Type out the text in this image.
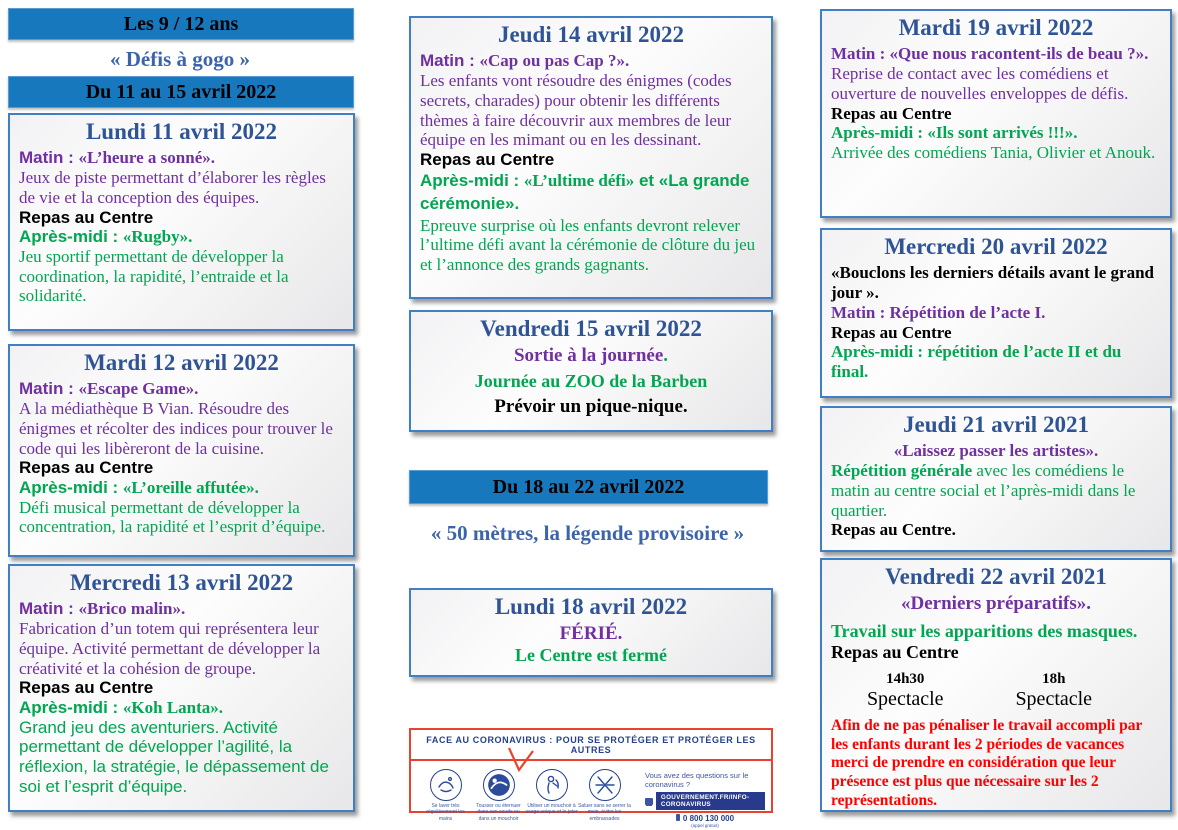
Les 9 / 12 ans
« Défis à gogo »
Du 11 au 15 avril 2022
Lundi 11 avril 2022
Matin : «L’heure a sonné».
Jeux de piste permettant d’élaborer les règles de vie et la conception des équipes.
Repas au Centre
Après-midi : «Rugby».
Jeu sportif permettant de développer la coordination, la rapidité, l’entraide et la solidarité.
Mardi 12 avril 2022
Matin : «Escape Game».
A la médiathèque B Vian. Résoudre des énigmes et récolter des indices pour trouver le code qui les libèreront de la cuisine.
Repas au Centre
Après-midi : «L’oreille affutée».
Défi musical permettant de développer la concentration, la rapidité et l’esprit d’équipe.
Mercredi 13 avril 2022
Matin : «Brico malin».
Fabrication d’un totem qui représentera leur équipe. Activité permettant de développer la créativité et la cohésion de groupe.
Repas au Centre
Après-midi : «Koh Lanta».
Grand jeu des aventuriers. Activité permettant de développer l’agilité, la réflexion, la stratégie, le dépassement de soi et l’esprit d’équipe.
Jeudi 14 avril 2022
Matin : «Cap ou pas Cap ?».
Les enfants vont résoudre des énigmes (codes secrets, charades) pour obtenir les différents thèmes à faire découvrir aux membres de leur équipe en les mimant ou en les dessinant.
Repas au Centre
Après-midi : «L’ultime défi» et «La grande cérémonie».
Epreuve surprise où les enfants devront relever l’ultime défi avant la cérémonie de clôture du jeu et l’annonce des grands gagnants.
Vendredi 15 avril 2022
Sortie à la journée.
Journée au ZOO de la Barben
Prévoir un pique-nique.
Du 18 au 22 avril 2022
« 50 mètres, la légende provisoire »
Lundi 18 avril 2022
FÉRIÉ.
Le Centre est fermé
FACE AU CORONAVIRUS : POUR SE PROTÉGER ET PROTÉGER LES AUTRES
Se laver très régulièrement les mains
Tousser ou éternuer dans son coude ou dans un mouchoir
Utiliser un mouchoir à usage unique et le jeter
Saluer sans se serrer la main, éviter les embrassades
Vous avez des questions sur le coronavirus ?
GOUVERNEMENT.FR/INFO-CORONAVIRUS
0 800 130 000
(appel gratuit)
Mardi 19 avril 2022
Matin : «Que nous racontent-ils de beau ?».
Reprise de contact avec les comédiens et ouverture de nouvelles enveloppes de défis.
Repas au Centre
Après-midi : «Ils sont arrivés !!!».
Arrivée des comédiens Tania, Olivier et Anouk.
Mercredi 20 avril 2022
«Bouclons les derniers détails avant le grand jour ».
Matin : Répétition de l’acte I.
Repas au Centre
Après-midi : répétition de l’acte II et du final.
Jeudi 21 avril 2021
«Laissez passer les artistes».
Répétition générale avec les comédiens le matin au centre social et l’après-midi dans le quartier.
Repas au Centre.
Vendredi 22 avril 2021
«Derniers préparatifs».
Travail sur les apparitions des masques.
Repas au Centre
14h30
Spectacle
18h
Spectacle
Afin de ne pas pénaliser le travail accompli par les enfants durant les 2 périodes de vacances merci de prendre en considération que leur présence est plus que nécessaire sur les 2 représentations.
